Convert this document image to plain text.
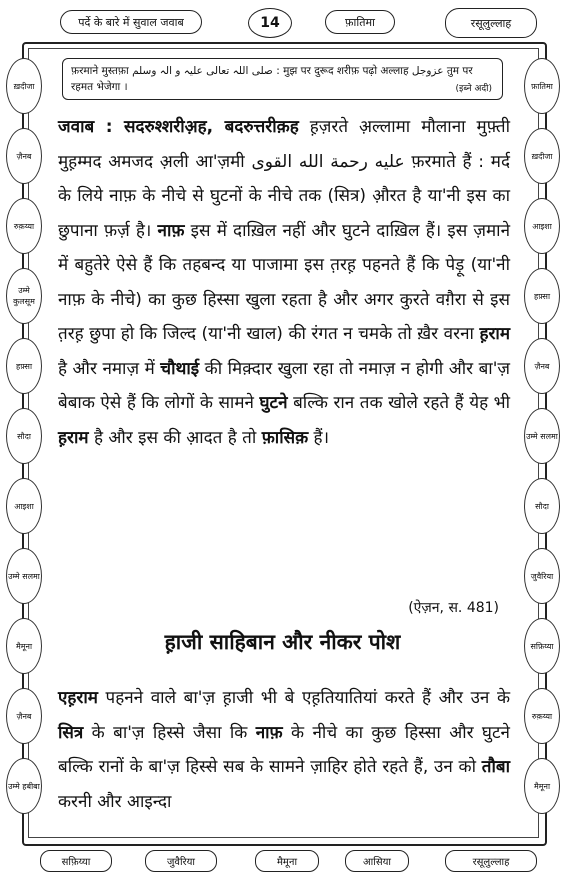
पर्दे के बारे में सुवाल जवाब	14	फ़ातिमा	रसूलुल्लाह
फ़रमाने मुस्तफ़ा صلی اللہ تعالی علیہ و الہ وسلم : मुझ पर दुरूद शरीफ़ पढ़ो अल्लाह عزوجل तुम पर रहमत भेजेगा ।	(इब्ने अदी)
ख़दीजा
ज़ैनब
रुक़य्या
उम्मे कुलसूम
हफ़्सा
सौदा
आइशा
उम्मे सलमा
मैमूना
ज़ैनब
उम्मे हबीबा
फ़ातिमा
ख़दीजा
आइशा
हफ़्सा
ज़ैनब
उम्मे सलमा
सौदा
जुवैरिया
सफ़िय्या
रुक़य्या
मैमूना

जवाब : सदरुश्शरीअ़ह, बदरुत्तरीक़ह ह़ज़रते अ़ल्लामा मौलाना मुफ़्ती मुह़म्मद अमजद अ़ली आ'ज़मी عليه رحمة الله القوى फ़रमाते हैं : मर्द के लिये नाफ़ के नीचे से घुटनों के नीचे तक (सित्र) औ़रत है या'नी इस का छुपाना फ़र्ज़ है। नाफ़ इस में दाख़िल नहीं और घुटने दाख़िल हैं। इस ज़माने में बहुतेरे ऐसे हैं कि तहबन्द या पाजामा इस त़रह़ पहनते हैं कि पेड़ू (या'नी नाफ़ के नीचे) का कुछ हिस्सा खुला रहता है और अगर कुरते वग़ैरा से इस त़रह़ छुपा हो कि जिल्द (या'नी खाल) की रंगत न चमके तो ख़ैर वरना ह़राम है और नमाज़ में चौथाई की मिक़्दार खुला रहा तो नमाज़ न होगी और बा'ज़ बेबाक ऐसे हैं कि लोगों के सामने घुटने बल्कि रान तक खोले रहते हैं येह भी ह़राम है और इस की आ़दत है तो फ़ासिक़ हैं।

(ऐज़न, स. 481)
ह़ाजी साहिबान और नीकर पोश

एह़राम पहनने वाले बा'ज़ ह़ाजी भी बे एह़तियातियां करते हैं और उन के सित्र के बा'ज़ हिस्से जैसा कि नाफ़ के नीचे का कुछ हिस्सा और घुटने बल्कि रानों के बा'ज़ हिस्से सब के सामने ज़ाहिर होते रहते हैं, उन को तौबा करनी और आइन्दा

सफ़िय्या	जुवैरिया	मैमूना	आसिया	रसूलुल्लाह
